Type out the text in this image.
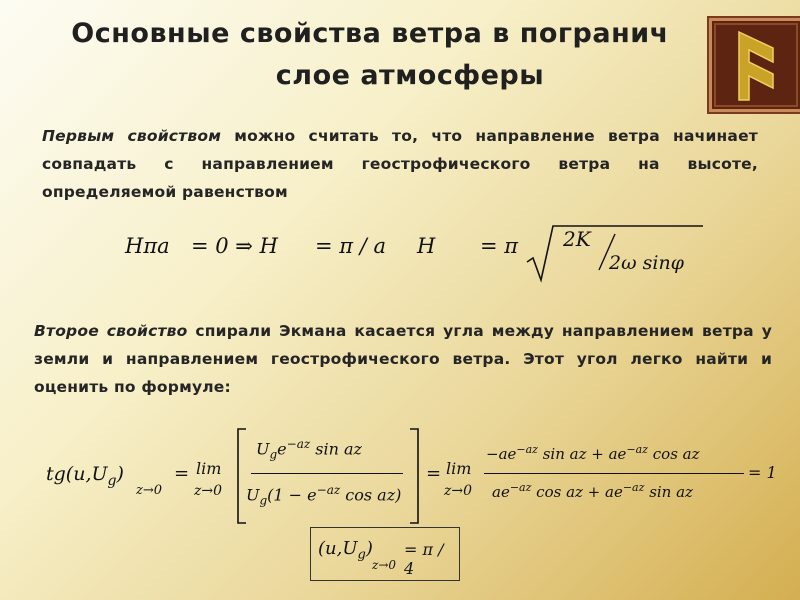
Основные свойства ветра в погранич
слое атмосферы
Первым свойством можно считать то, что направление ветра начинает совпадать с направлением геострофического ветра на высоте, определяемой равенством
Hπa = 0 ⇒ H = π / a H = π 2K
2ω sinφ
Второе свойство спирали Экмана касается угла между направлением ветра у земли и направлением геострофического ветра. Этот угол легко найти и оценить по формуле:
$tg(u,U_g)$
z→0
= lim
z→0
$U_ge^{-az}$ sin az
$U_g(1 - e^{-az}$ cos az)
= lim
z→0
$-ae^{-az}$ sin az + $ae^{-az}$ cos az
$ae^{-az}$ cos az + $ae^{-az}$ sin az
= 1
$(u,U_g)$
z→0
= π / 4
